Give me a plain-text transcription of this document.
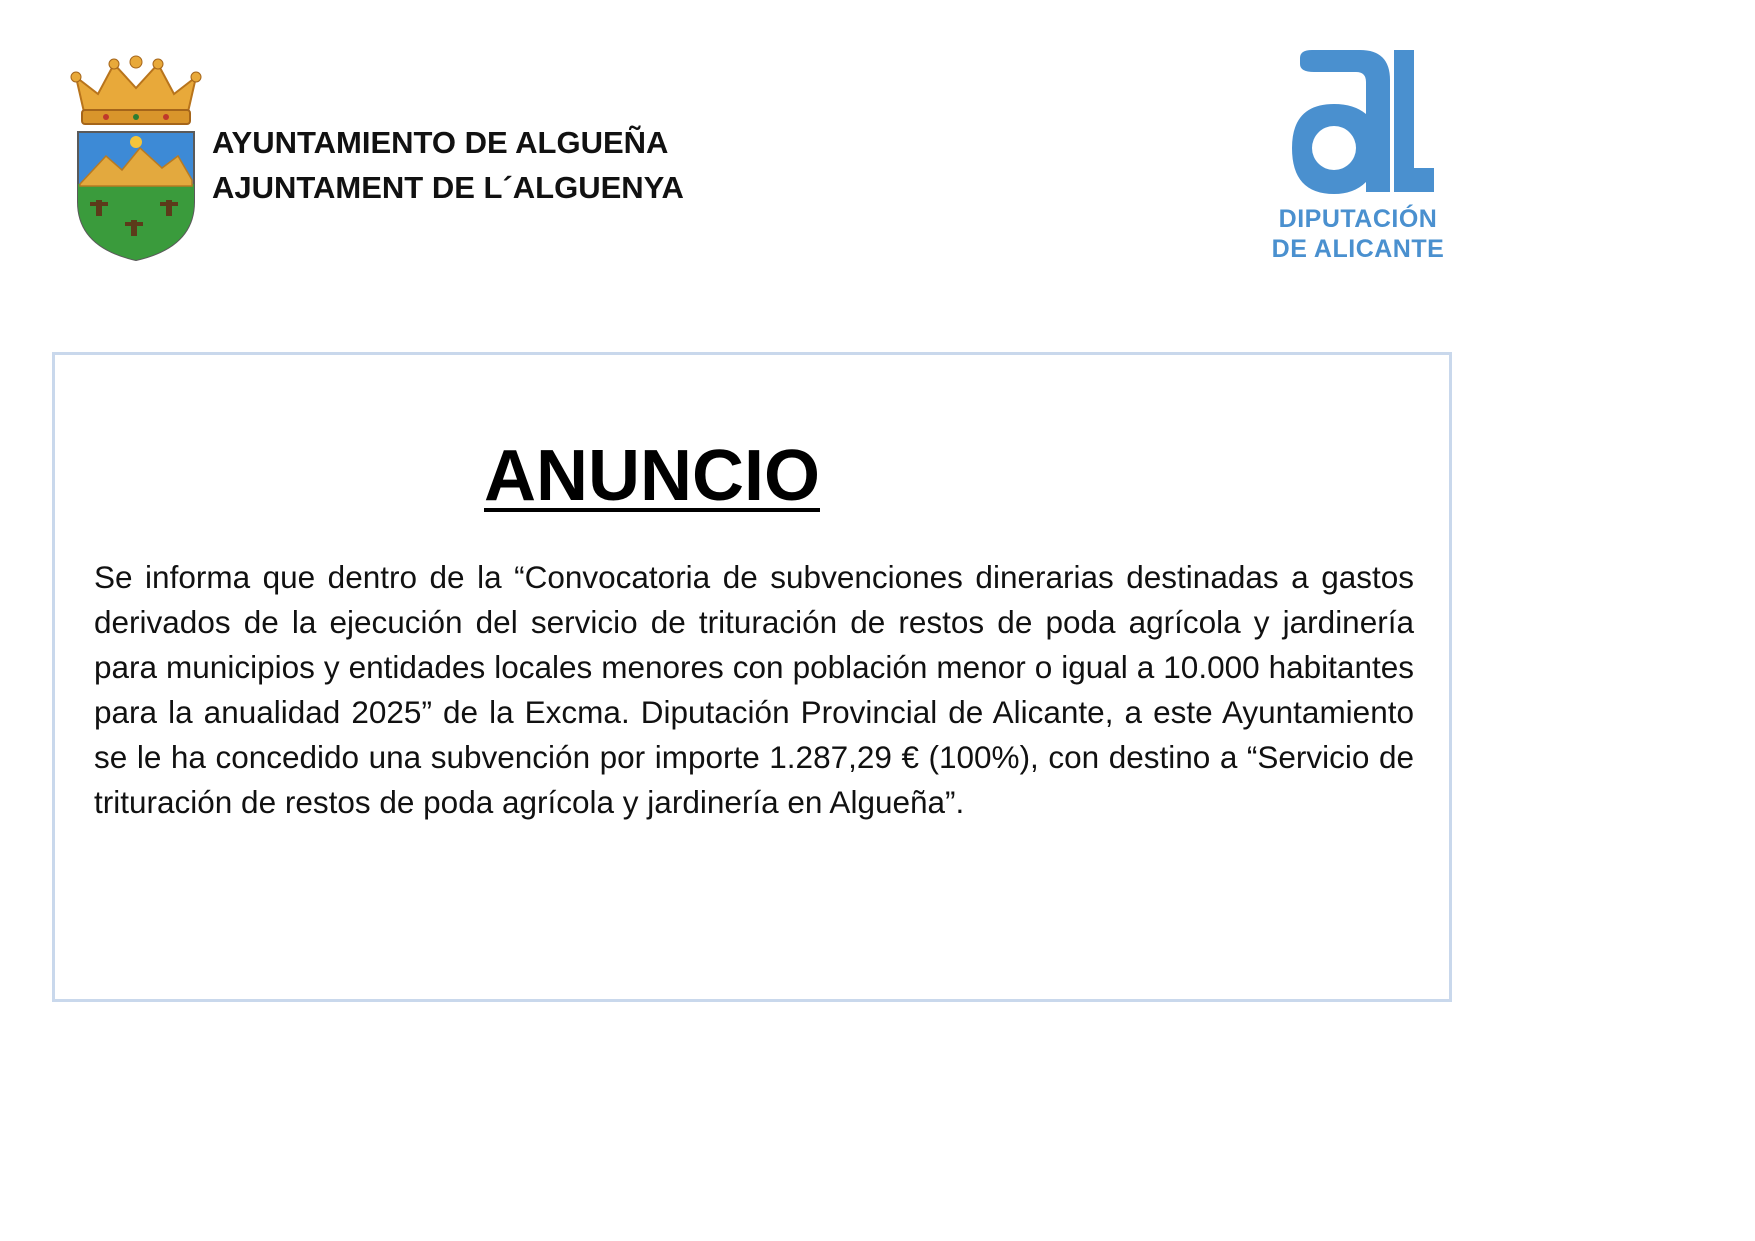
AYUNTAMIENTO DE ALGUEÑA
AJUNTAMENT DE L´ALGUENYA
DIPUTACIÓN
DE ALICANTE
ANUNCIO
Se informa que dentro de la “Convocatoria de subvenciones dinerarias destinadas a gastos derivados de la ejecución del servicio de trituración de restos de poda agrícola y jardinería para municipios y entidades locales menores con población menor o igual a 10.000 habitantes para la anualidad 2025” de la Excma. Diputación Provincial de Alicante, a este Ayuntamiento se le ha concedido una subvención por importe 1.287,29 € (100%), con destino a “Servicio de trituración de restos de poda agrícola y jardinería en Algueña”.
